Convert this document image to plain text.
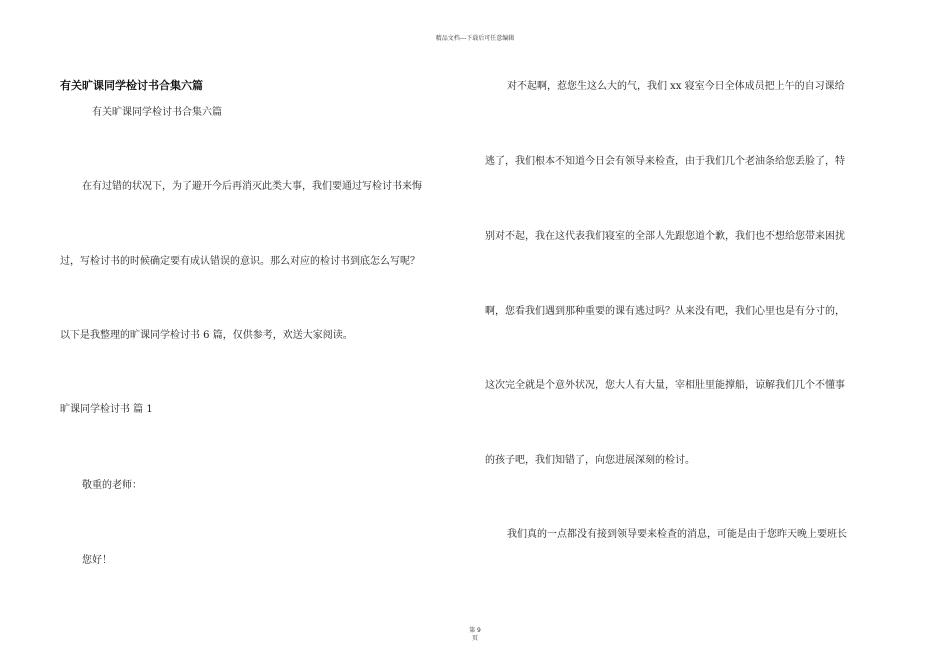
精品文档---下载后可任意编辑
有关旷课同学检讨书合集六篇
有关旷课同学检讨书合集六篇
在有过错的状况下，为了避开今后再消灭此类大事，我们要通过写检讨书来悔
过，写检讨书的时候确定要有成认错误的意识。那么对应的检讨书到底怎么写呢？
以下是我整理的旷课同学检讨书 6 篇，仅供参考，欢送大家阅读。
旷课同学检讨书 篇 1
敬重的老师：
您好！
对不起啊，惹您生这么大的气，我们 xx 寝室今日全体成员把上午的自习课给
逃了，我们根本不知道今日会有领导来检查，由于我们几个老油条给您丢脸了，特
别对不起，我在这代表我们寝室的全部人先跟您道个歉，我们也不想给您带来困扰
啊，您看我们遇到那种重要的课有逃过吗？从来没有吧，我们心里也是有分寸的，
这次完全就是个意外状况，您大人有大量，宰相肚里能撑船，谅解我们几个不懂事
的孩子吧，我们知错了，向您进展深刻的检讨。
我们真的一点都没有接到领导要来检查的消息，可能是由于您昨天晚上要班长
第 9
页
